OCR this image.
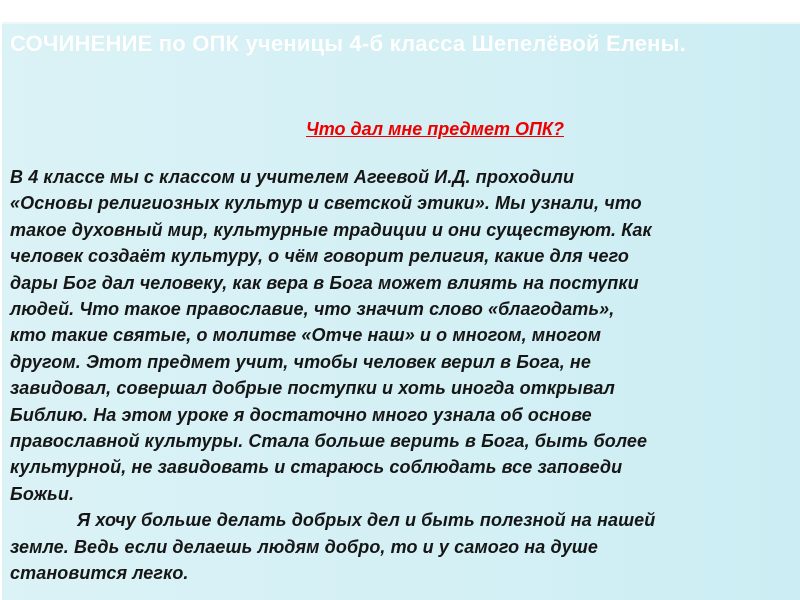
СОЧИНЕНИЕ по ОПК ученицы 4-б класса Шепелёвой Елены.

Что дал мне предмет ОПК?

В 4 классе мы с классом и учителем Агеевой И.Д. проходили
«Основы религиозных культур и светской этики». Мы узнали, что
такое духовный мир, культурные традиции и они существуют. Как
человек создаёт культуру, о чём говорит религия, какие для чего
дары Бог дал человеку, как вера в Бога может влиять на поступки
людей. Что такое православие, что значит слово «благодать»,
кто такие святые, о молитве «Отче наш» и о многом, многом
другом. Этот предмет учит, чтобы человек верил в Бога, не
завидовал, совершал добрые поступки и хоть иногда открывал
Библию. На этом уроке я достаточно много узнала об основе
православной культуры. Стала больше верить в Бога, быть более
культурной, не завидовать и стараюсь соблюдать все заповеди
Божьи.
Я хочу больше делать добрых дел и быть полезной на нашей
земле. Ведь если делаешь людям добро, то и у самого на душе
становится легко.
